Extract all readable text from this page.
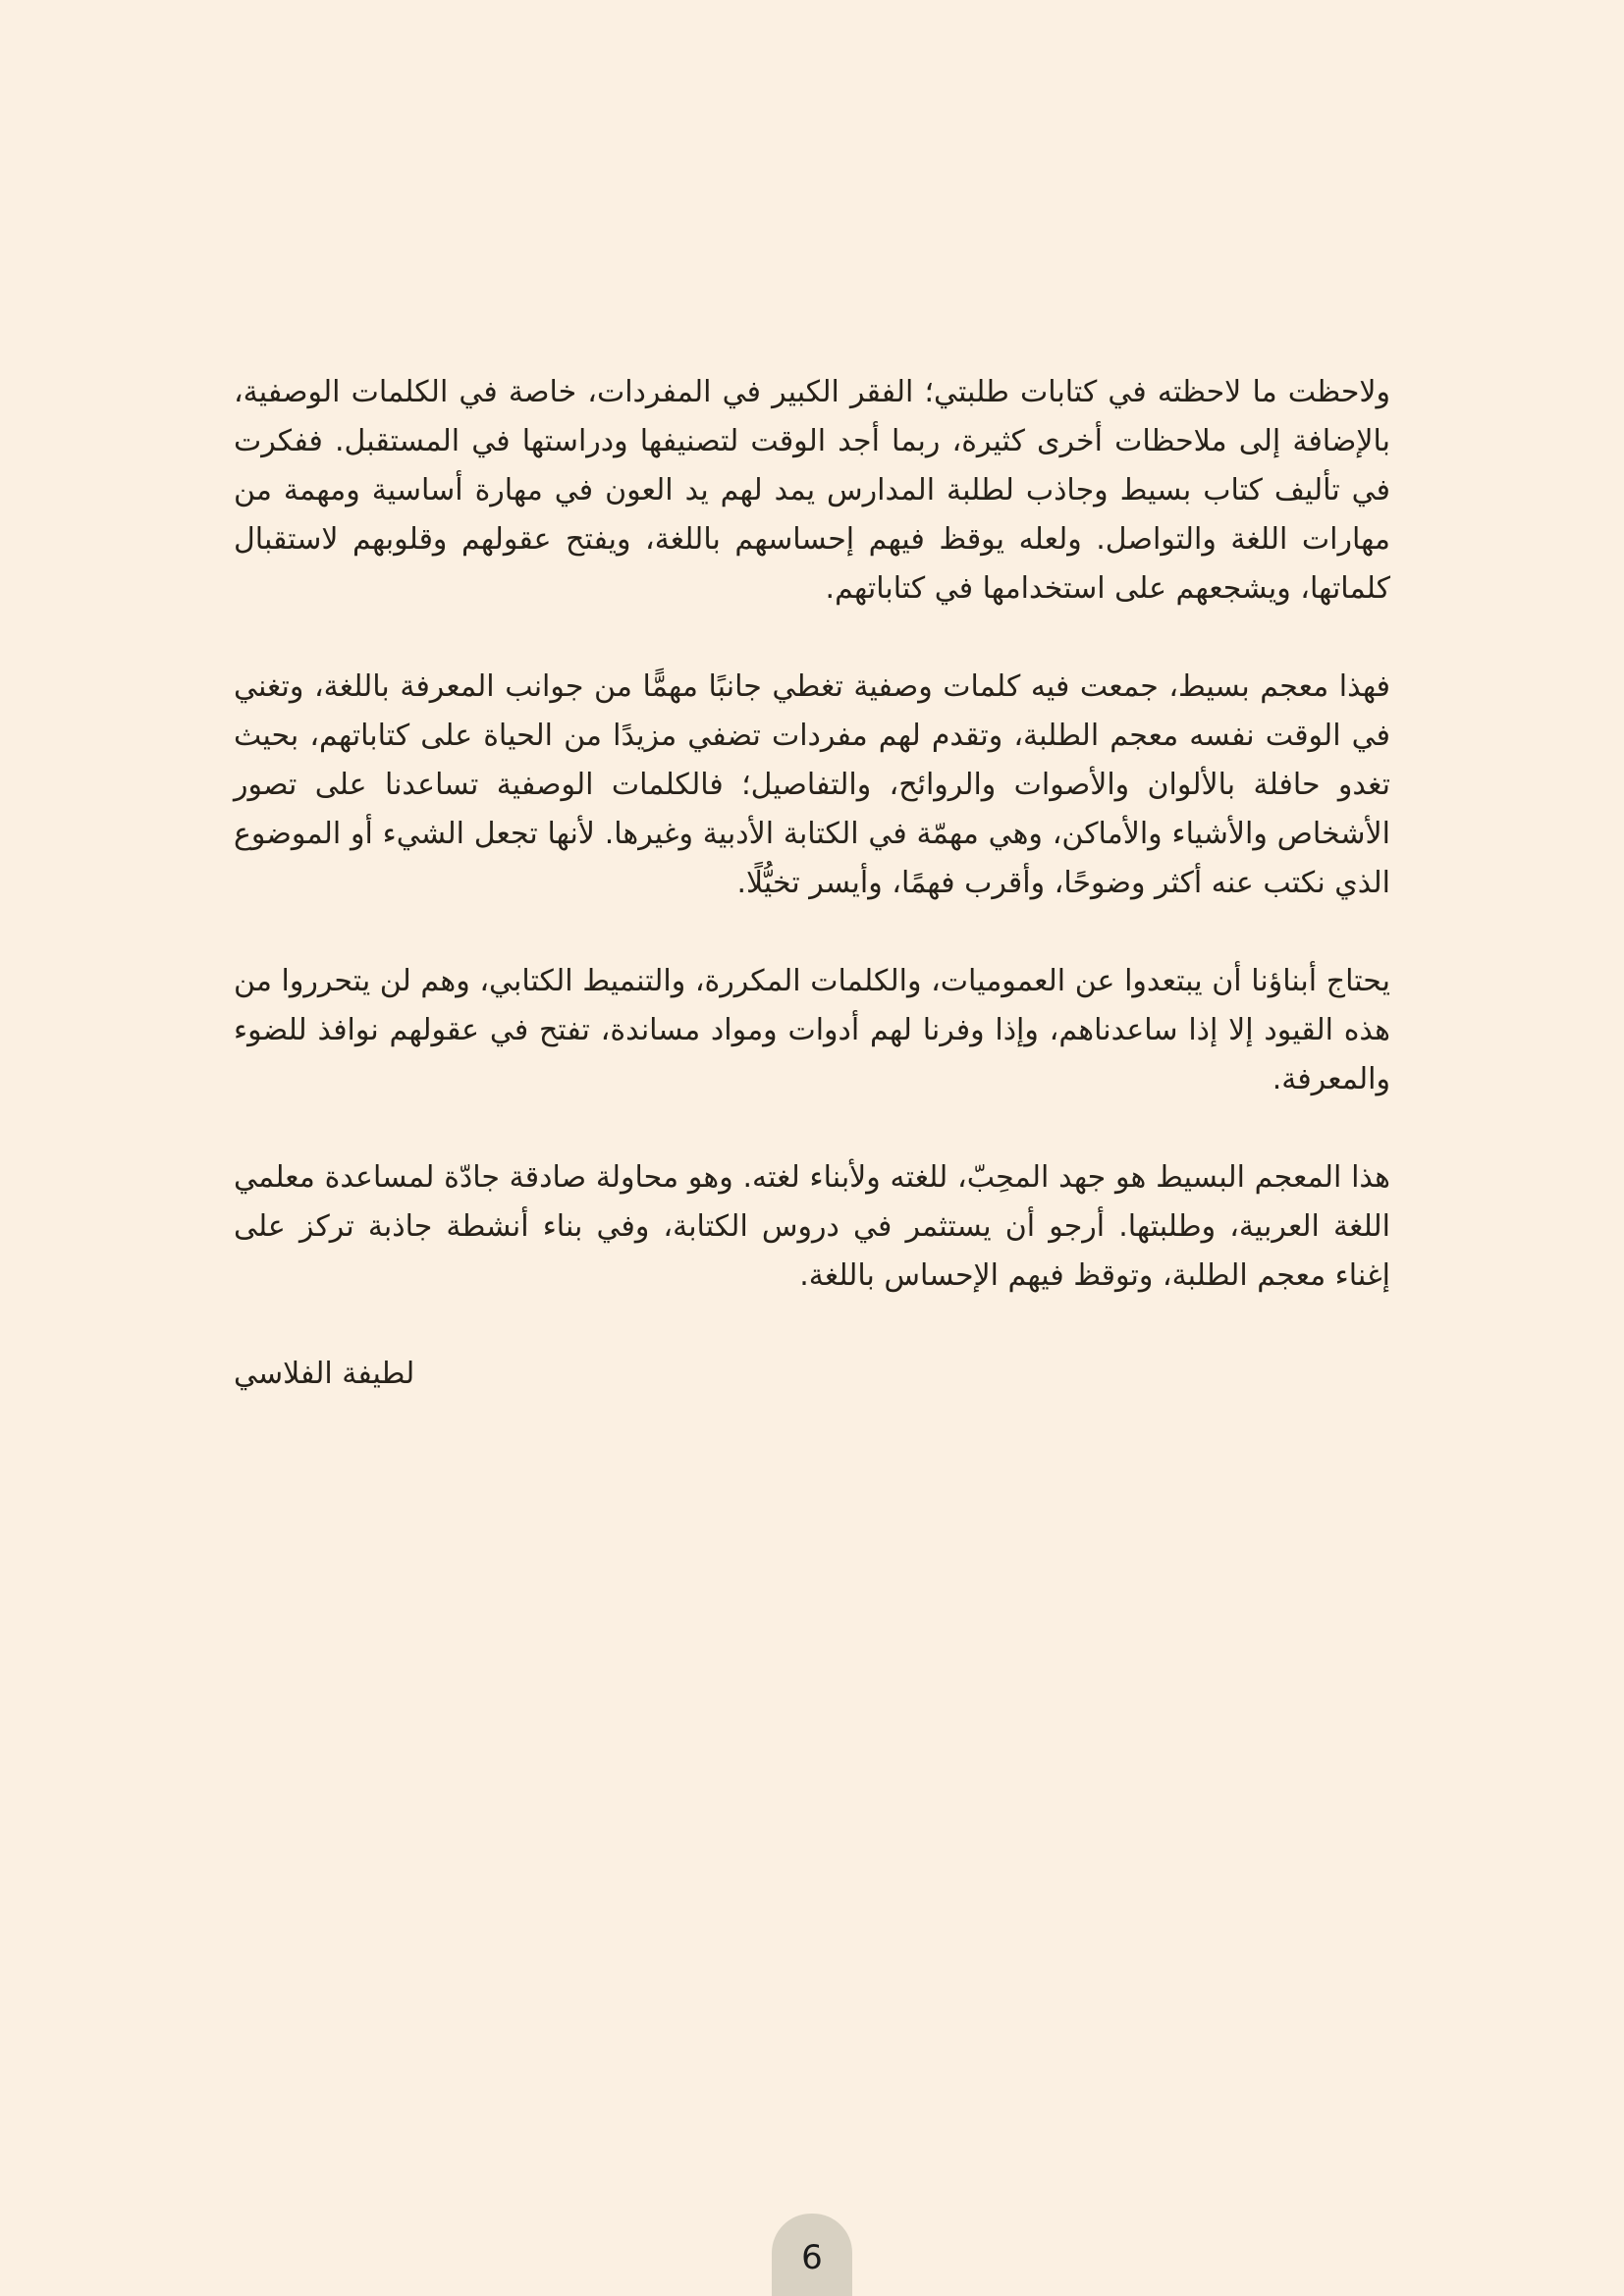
ولاحظت ما لاحظته في كتابات طلبتي؛ الفقر الكبير في المفردات، خاصة في الكلمات الوصفية، بالإضافة إلى ملاحظات أخرى كثيرة، ربما أجد الوقت لتصنيفها ودراستها في المستقبل. ففكرت في تأليف كتاب بسيط وجاذب لطلبة المدارس يمد لهم يد العون في مهارة أساسية ومهمة من مهارات اللغة والتواصل. ولعله يوقظ فيهم إحساسهم باللغة، ويفتح عقولهم وقلوبهم لاستقبال كلماتها، ويشجعهم على استخدامها في كتاباتهم.

فهذا معجم بسيط، جمعت فيه كلمات وصفية تغطي جانبًا مهمًّا من جوانب المعرفة باللغة، وتغني في الوقت نفسه معجم الطلبة، وتقدم لهم مفردات تضفي مزيدًا من الحياة على كتاباتهم، بحيث تغدو حافلة بالألوان والأصوات والروائح، والتفاصيل؛ فالكلمات الوصفية تساعدنا على تصور الأشخاص والأشياء والأماكن، وهي مهمّة في الكتابة الأدبية وغيرها. لأنها تجعل الشيء أو الموضوع الذي نكتب عنه أكثر وضوحًا، وأقرب فهمًا، وأيسر تخيُّلًا.

يحتاج أبناؤنا أن يبتعدوا عن العموميات، والكلمات المكررة، والتنميط الكتابي، وهم لن يتحرروا من هذه القيود إلا إذا ساعدناهم، وإذا وفرنا لهم أدوات ومواد مساندة، تفتح في عقولهم نوافذ للضوء والمعرفة.

هذا المعجم البسيط هو جهد المحِبّ، للغته ولأبناء لغته. وهو محاولة صادقة جادّة لمساعدة معلمي اللغة العربية، وطلبتها. أرجو أن يستثمر في دروس الكتابة، وفي بناء أنشطة جاذبة تركز على إغناء معجم الطلبة، وتوقظ فيهم الإحساس باللغة.

لطيفة الفلاسي
6
